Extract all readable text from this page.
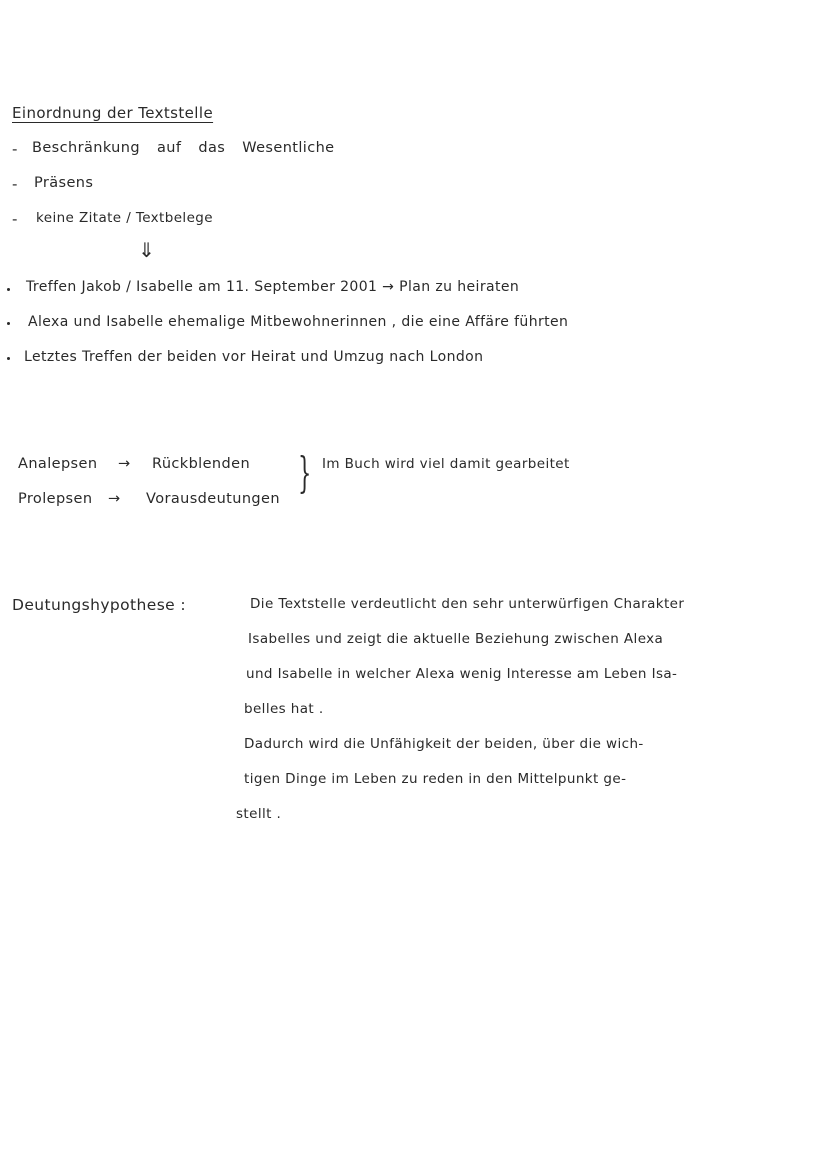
Einordnung der Textstelle
- Beschränkung auf das Wesentliche
- Präsens
- keine Zitate / Textbelege
⇓
Treffen Jakob / Isabelle am 11. September 2001 → Plan zu heiraten
Alexa und Isabelle ehemalige Mitbewohnerinnen , die eine Affäre führten
Letztes Treffen der beiden vor Heirat und Umzug nach London
Analepsen → Rückblenden
Prolepsen → Vorausdeutungen
} Im Buch wird viel damit gearbeitet
Deutungshypothese :	Die Textstelle verdeutlicht den sehr unterwürfigen Charakter
Isabelles und zeigt die aktuelle Beziehung zwischen Alexa
und Isabelle in welcher Alexa wenig Interesse am Leben Isa-
belles hat .
Dadurch wird die Unfähigkeit der beiden, über die wich-
tigen Dinge im Leben zu reden in den Mittelpunkt ge-
stellt .
